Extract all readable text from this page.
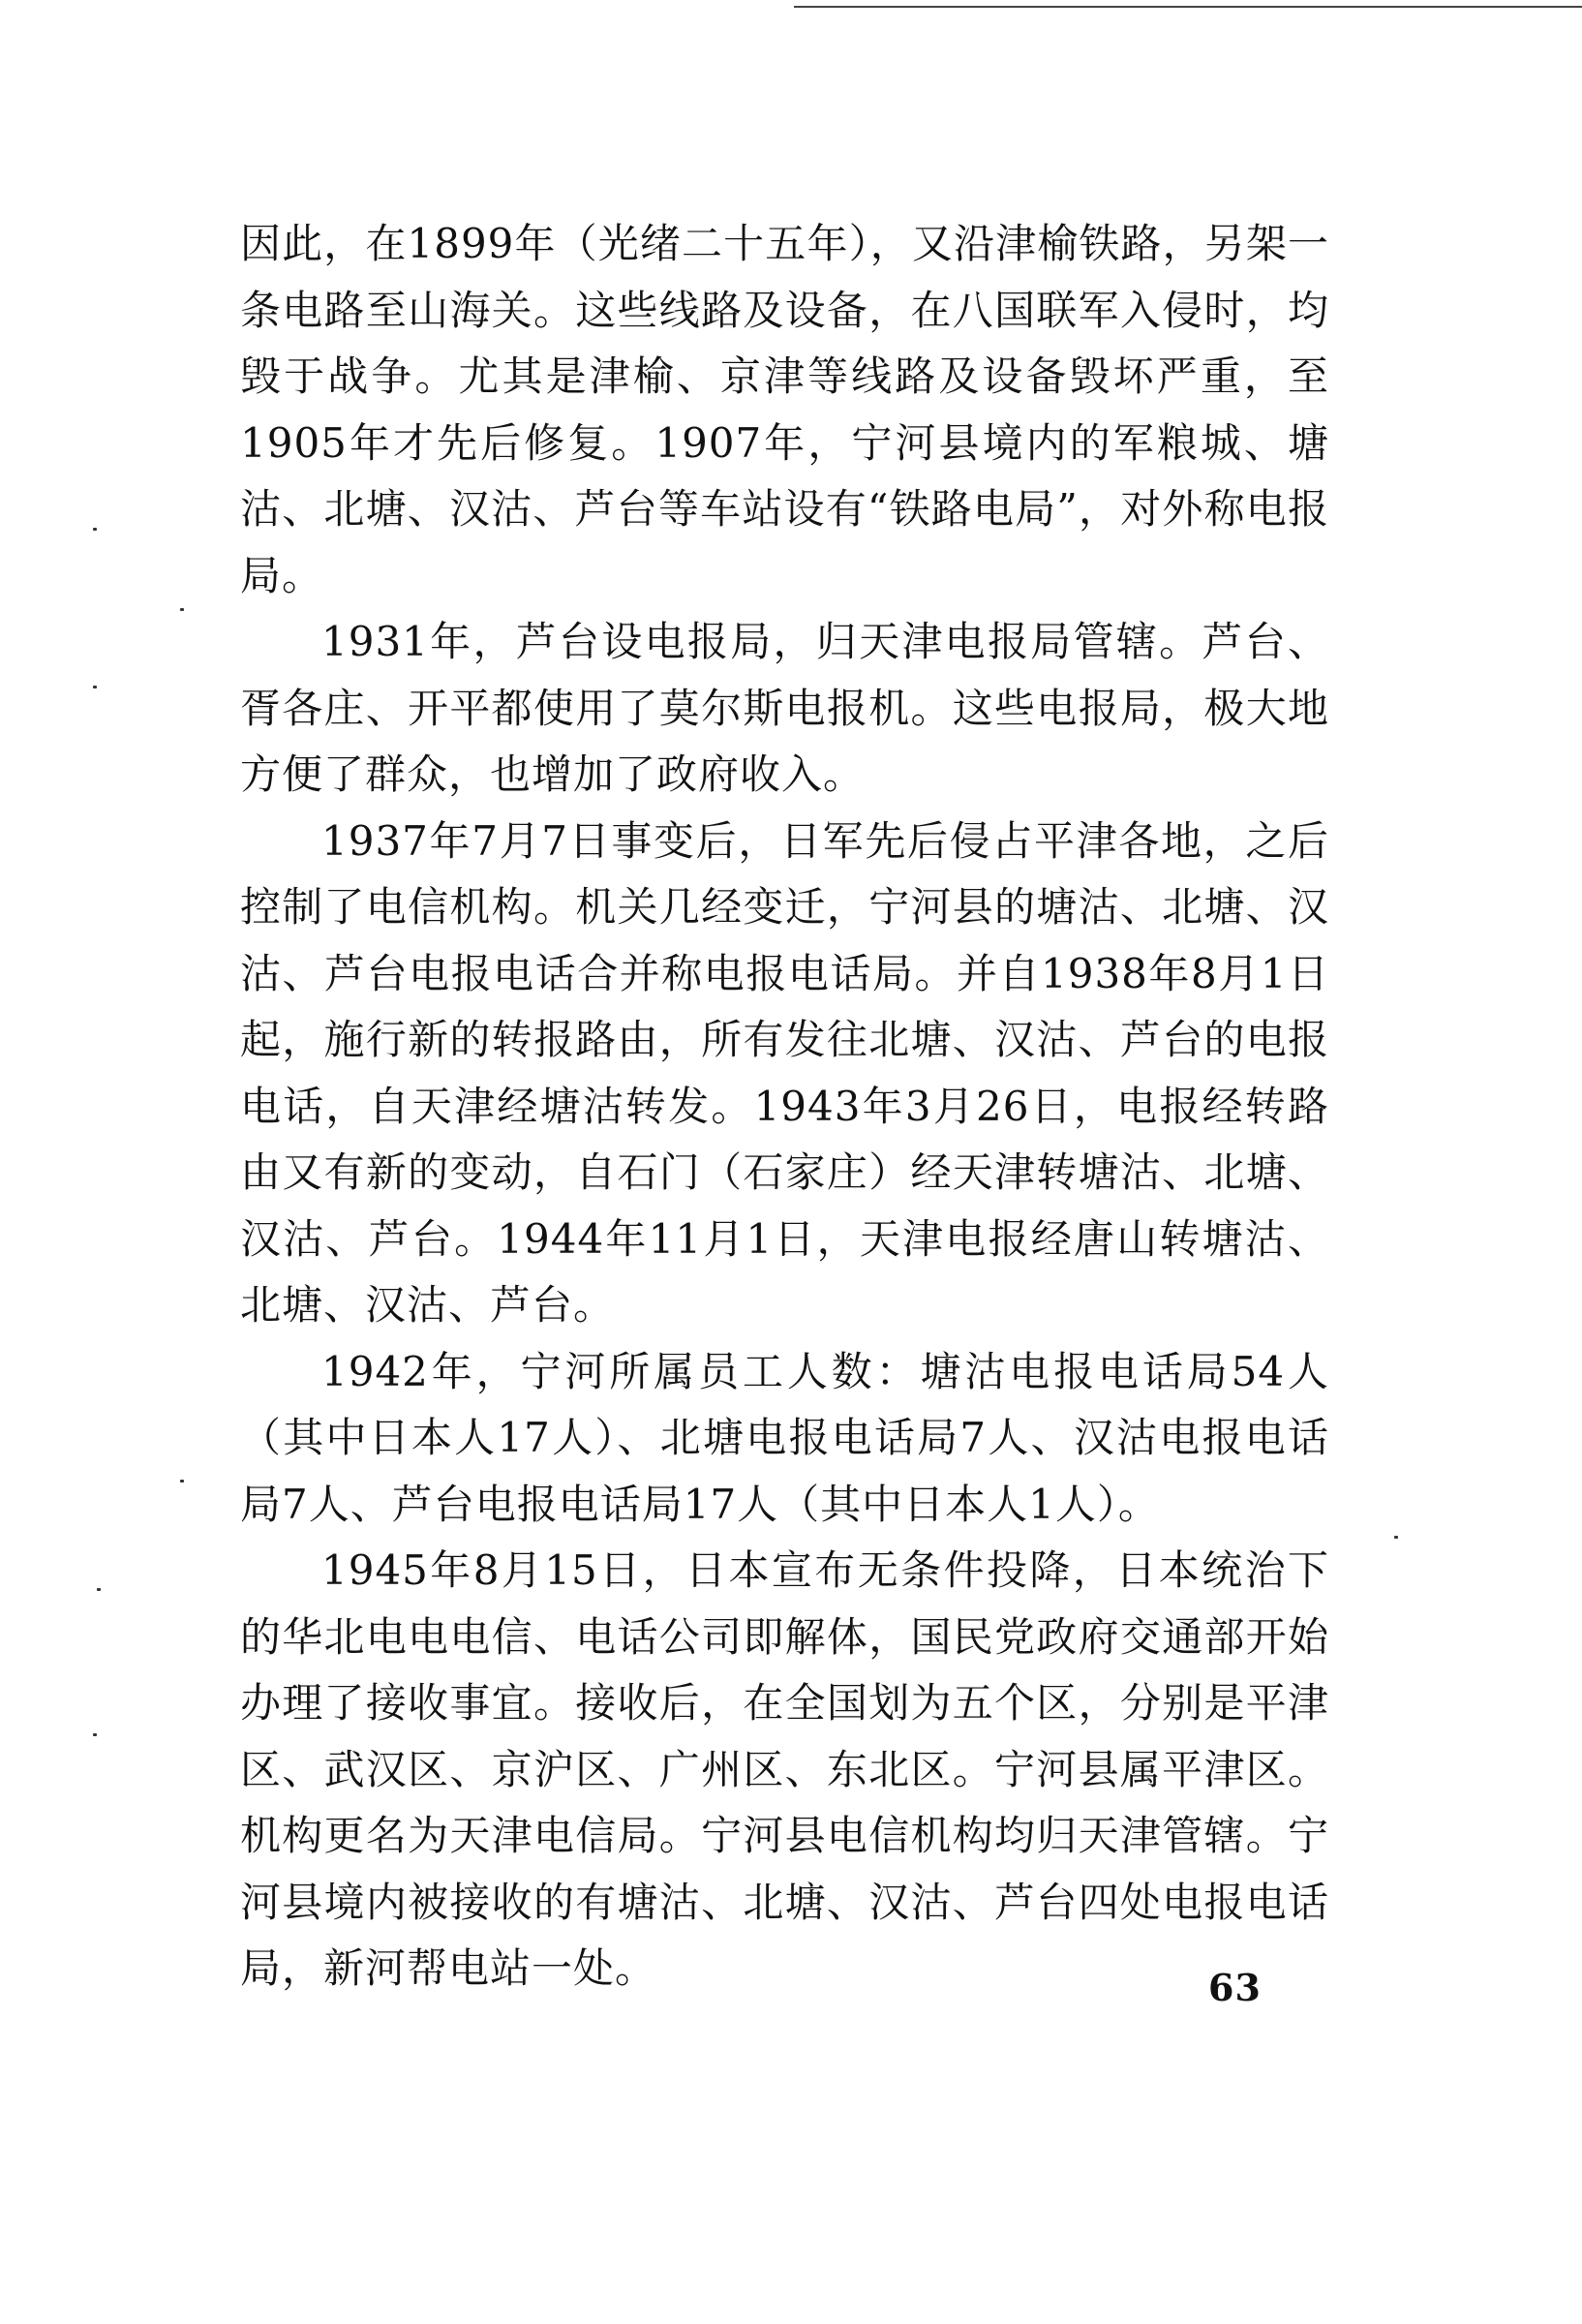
因此，在1899年（光绪二十五年），又沿津榆铁路，另架一条电路至山海关。这些线路及设备，在八国联军入侵时，均毁于战争。尤其是津榆、京津等线路及设备毁坏严重，至1905年才先后修复。1907年，宁河县境内的军粮城、塘沽、北塘、汉沽、芦台等车站设有“铁路电局”，对外称电报局。

1931年，芦台设电报局，归天津电报局管辖。芦台、胥各庄、开平都使用了莫尔斯电报机。这些电报局，极大地方便了群众，也增加了政府收入。

1937年7月7日事变后，日军先后侵占平津各地，之后控制了电信机构。机关几经变迁，宁河县的塘沽、北塘、汉沽、芦台电报电话合并称电报电话局。并自1938年8月1日起，施行新的转报路由，所有发往北塘、汉沽、芦台的电报电话，自天津经塘沽转发。1943年3月26日，电报经转路由又有新的变动，自石门（石家庄）经天津转塘沽、北塘、汉沽、芦台。1944年11月1日，天津电报经唐山转塘沽、北塘、汉沽、芦台。

1942年，宁河所属员工人数：塘沽电报电话局54人（其中日本人17人）、北塘电报电话局7人、汉沽电报电话局7人、芦台电报电话局17人（其中日本人1人）。

1945年8月15日，日本宣布无条件投降，日本统治下的华北电电电信、电话公司即解体，国民党政府交通部开始办理了接收事宜。接收后，在全国划为五个区，分别是平津区、武汉区、京沪区、广州区、东北区。宁河县属平津区。机构更名为天津电信局。宁河县电信机构均归天津管辖。宁河县境内被接收的有塘沽、北塘、汉沽、芦台四处电报电话局，新河帮电站一处。	63
